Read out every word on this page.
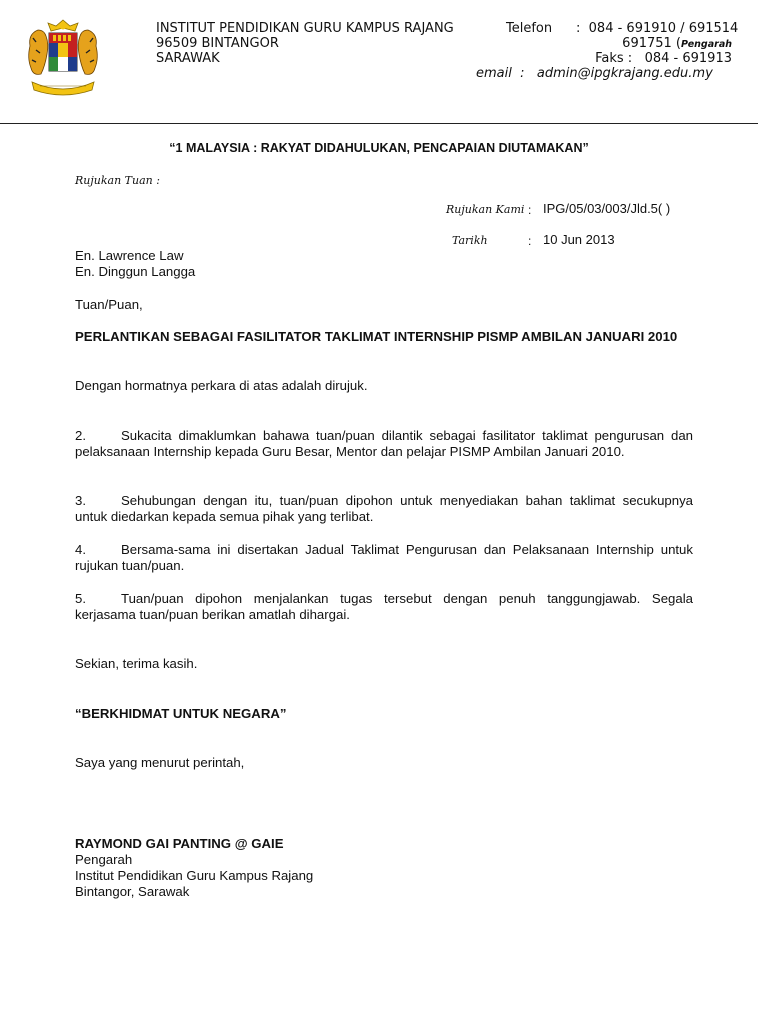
INSTITUT PENDIDIKAN GURU KAMPUS RAJANG
96509 BINTANGOR
SARAWAK
Telefon :  084 - 691910 / 691514
691751 (Pengarah
Faks :   084 - 691913
email  :   admin@ipgkrajang.edu.my
“1 MALAYSIA : RAKYAT DIDAHULUKAN, PENCAPAIAN DIUTAMAKAN”
Rujukan Tuan :
Rujukan Kami : IPG/05/03/003/Jld.5( )
Tarikh	: 10 Jun 2013
En. Lawrence Law
En. Dinggun Langga
Tuan/Puan,
PERLANTIKAN SEBAGAI FASILITATOR TAKLIMAT INTERNSHIP PISMP AMBILAN JANUARI 2010
Dengan hormatnya perkara di atas adalah dirujuk.
2.	Sukacita dimaklumkan bahawa tuan/puan dilantik sebagai fasilitator taklimat pengurusan dan pelaksanaan Internship kepada Guru Besar, Mentor dan pelajar PISMP Ambilan Januari 2010.
3.	Sehubungan dengan itu, tuan/puan dipohon untuk menyediakan bahan taklimat secukupnya untuk diedarkan kepada semua pihak yang terlibat.
4.	Bersama-sama ini disertakan Jadual Taklimat Pengurusan dan Pelaksanaan Internship untuk rujukan tuan/puan.
5.	Tuan/puan dipohon menjalankan tugas tersebut dengan penuh tanggungjawab. Segala kerjasama tuan/puan berikan amatlah dihargai.
Sekian, terima kasih.
“BERKHIDMAT UNTUK NEGARA”
Saya yang menurut perintah,
RAYMOND GAI PANTING @ GAIE
Pengarah
Institut Pendidikan Guru Kampus Rajang
Bintangor, Sarawak
